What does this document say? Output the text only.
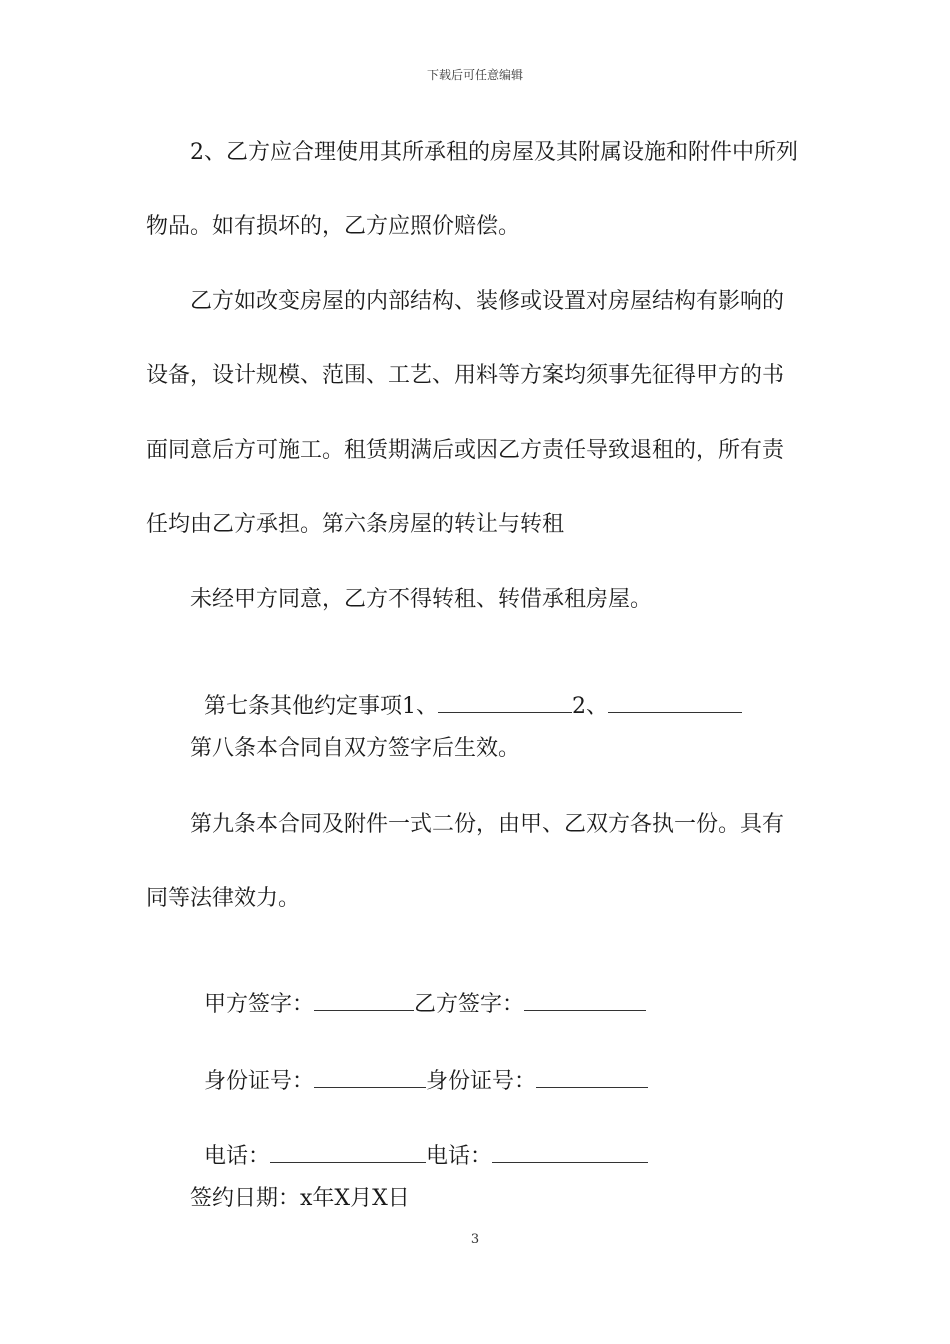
下载后可任意编辑
2、乙方应合理使用其所承租的房屋及其附属设施和附件中所列
物品。如有损坏的，乙方应照价赔偿。
乙方如改变房屋的内部结构、装修或设置对房屋结构有影响的
设备，设计规模、范围、工艺、用料等方案均须事先征得甲方的书
面同意后方可施工。租赁期满后或因乙方责任导致退租的，所有责
任均由乙方承担。第六条房屋的转让与转租
未经甲方同意，乙方不得转租、转借承租房屋。

第七条其他约定事项1、	2、

第八条本合同自双方签字后生效。
第九条本合同及附件一式二份，由甲、乙双方各执一份。具有
同等法律效力。

甲方签字：	乙方签字：

身份证号：	身份证号：

电话：	电话：

签约日期：x年X月X日
3
